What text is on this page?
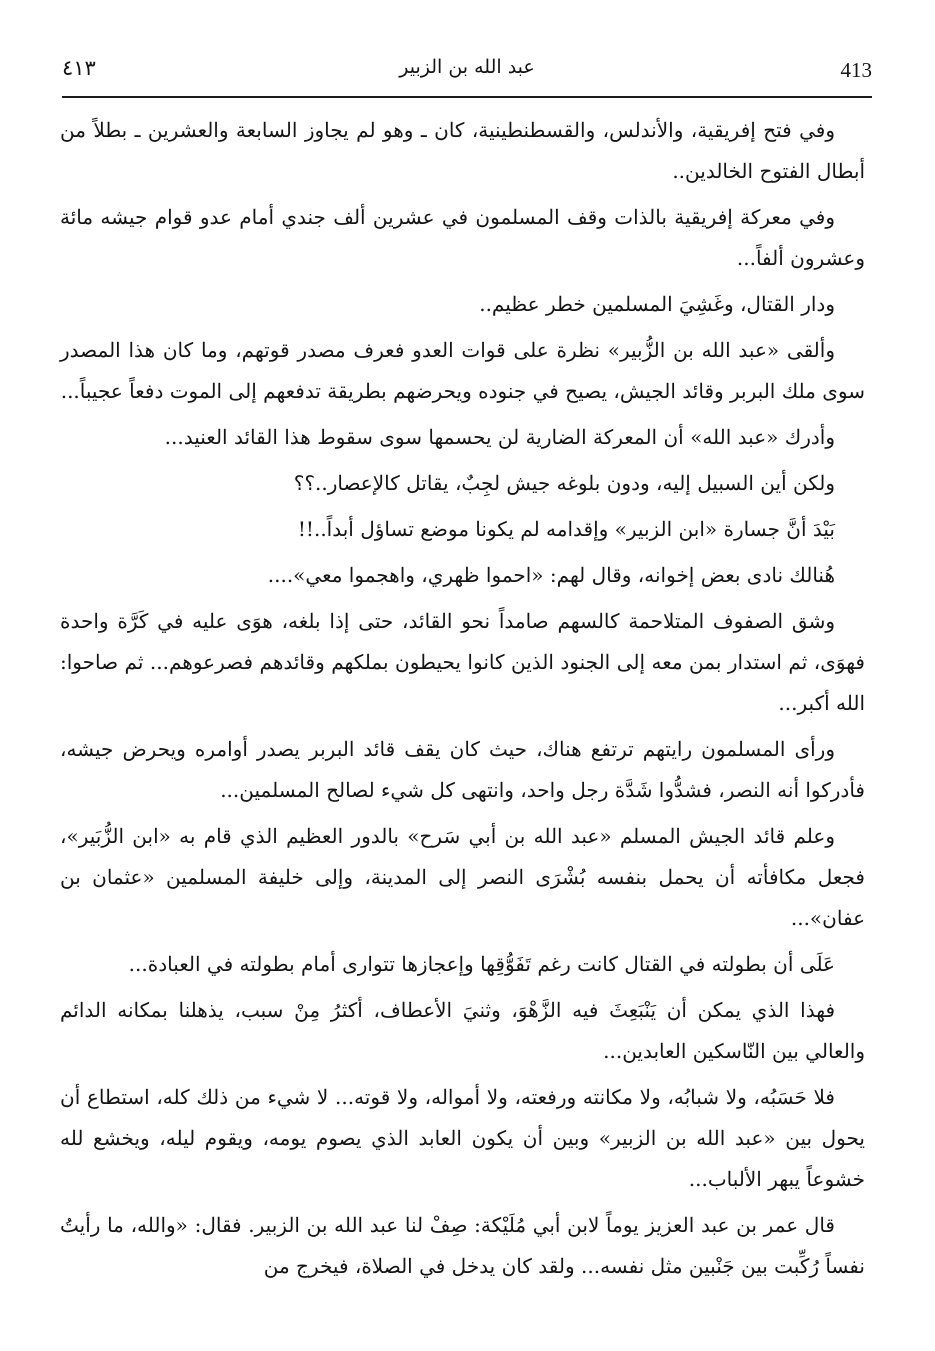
٤١٣	عبد الله بن الزبير	413

وفي فتح إفريقية، والأندلس، والقسطنطينية، كان ـ وهو لم يجاوز السابعة والعشرين ـ بطلاً من أبطال الفتوح الخالدين..

وفي معركة إفريقية بالذات وقف المسلمون في عشرين ألف جندي أمام عدو قوام جيشه مائة وعشرون ألفاً...

ودار القتال، وغَشِيَ المسلمين خطر عظيم..

وألقى «عبد الله بن الزُّبير» نظرة على قوات العدو فعرف مصدر قوتهم، وما كان هذا المصدر سوى ملك البربر وقائد الجيش، يصيح في جنوده ويحرضهم بطريقة تدفعهم إلى الموت دفعاً عجيباً...

وأدرك «عبد الله» أن المعركة الضارية لن يحسمها سوى سقوط هذا القائد العنيد...

ولكن أين السبيل إليه، ودون بلوغه جيش لجِبٌ، يقاتل كالإعصار..؟؟

بَيْدَ أنَّ جسارة «ابن الزبير» وإقدامه لم يكونا موضع تساؤل أبداً..!!

هُنالك نادى بعض إخوانه، وقال لهم: «احموا ظهري، واهجموا معي»....

وشق الصفوف المتلاحمة كالسهم صامداً نحو القائد، حتى إذا بلغه، هوَى عليه في كَرَّة واحدة فهوَى، ثم استدار بمن معه إلى الجنود الذين كانوا يحيطون بملكهم وقائدهم فصرعوهم... ثم صاحوا: الله أكبر...

ورأى المسلمون رايتهم ترتفع هناك، حيث كان يقف قائد البربر يصدر أوامره ويحرض جيشه، فأدركوا أنه النصر، فشدُّوا شَدَّة رجل واحد، وانتهى كل شيء لصالح المسلمين...

وعلم قائد الجيش المسلم «عبد الله بن أبي سَرح» بالدور العظيم الذي قام به «ابن الزُّبَير»، فجعل مكافأته أن يحمل بنفسه بُشْرَى النصر إلى المدينة، وإلى خليفة المسلمين «عثمان بن عفان»...

عَلَى أن بطولته في القتال كانت رغم تَفَوُّقِها وإعجازها تتوارى أمام بطولته في العبادة...

فهذا الذي يمكن أن يَنْبَعِثَ فيه الزَّهْوَ، وثنيَ الأعطاف، أكثرُ مِنْ سبب، يذهلنا بمكانه الدائم والعالي بين النّاسكين العابدين...

فلا حَسَبُه، ولا شبابُه، ولا مكانته ورفعته، ولا أمواله، ولا قوته... لا شيء من ذلك كله، استطاع أن يحول بين «عبد الله بن الزبير» وبين أن يكون العابد الذي يصوم يومه، ويقوم ليله، ويخشع لله خشوعاً يبهر الألباب...

قال عمر بن عبد العزيز يوماً لابن أبي مُلَيْكة: صِفْ لنا عبد الله بن الزبير. فقال: «والله، ما رأيتُ نفساً رُكِّبت بين جَنْبين مثل نفسه... ولقد كان يدخل في الصلاة، فيخرج من
